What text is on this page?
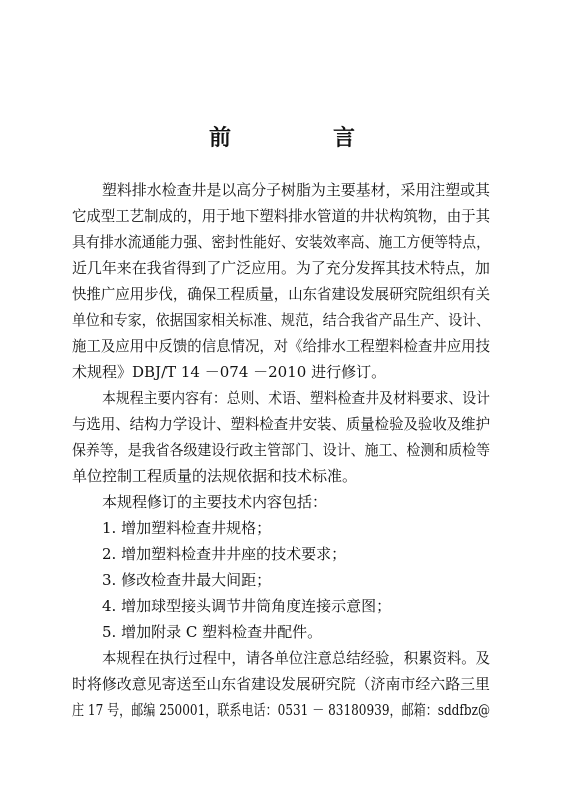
前　言
塑料排水检查井是以高分子树脂为主要基材，采用注塑或其
它成型工艺制成的，用于地下塑料排水管道的井状构筑物，由于其
具有排水流通能力强、密封性能好、安装效率高、施工方便等特点，
近几年来在我省得到了广泛应用。为了充分发挥其技术特点，加
快推广应用步伐，确保工程质量，山东省建设发展研究院组织有关
单位和专家，依据国家相关标准、规范，结合我省产品生产、设计、
施工及应用中反馈的信息情况，对《给排水工程塑料检查井应用技
术规程》DBJ/T 14 －074 －2010 进行修订。
本规程主要内容有：总则、术语、塑料检查井及材料要求、设计
与选用、结构力学设计、塑料检查井安装、质量检验及验收及维护
保养等，是我省各级建设行政主管部门、设计、施工、检测和质检等
单位控制工程质量的法规依据和技术标准。
本规程修订的主要技术内容包括：
1. 增加塑料检查井规格；
2. 增加塑料检查井井座的技术要求；
3. 修改检查井最大间距；
4. 增加球型接头调节井筒角度连接示意图；
5. 增加附录 C 塑料检查井配件。
本规程在执行过程中，请各单位注意总结经验，积累资料。及
时将修改意见寄送至山东省建设发展研究院（济南市经六路三里
庄 17 号，邮编 250001，联系电话：0531 － 83180939，邮箱：sddfbz@
